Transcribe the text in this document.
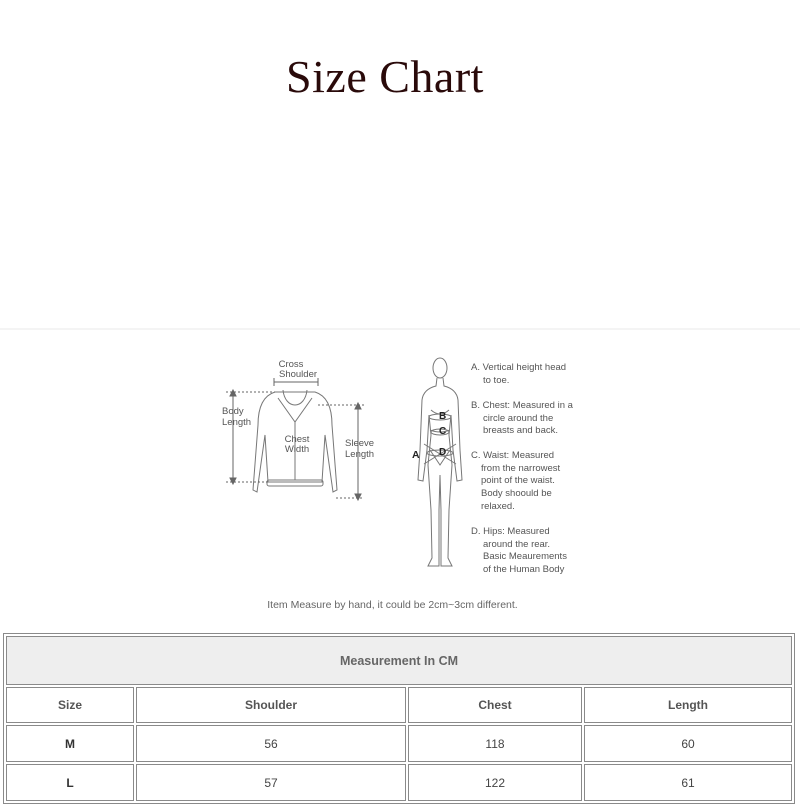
Size Chart
Cross
Shoulder
Body
Length
Chest
Width
Sleeve
Length	A
B
C
D
A. Vertical height head
to toe.
B. Chest: Measured in a
circle around the
breasts and back.
C. Waist: Measured
from the narrowest
point of the waist.
Body shoould be
relaxed.
D. Hips: Measured
around the rear.
Basic Meaurements
of the Human Body
Item Measure by hand, it could be 2cm~3cm different.
Measurement In CM			
Size	Shoulder	Chest	Length
M	56	118	60
L	57	122	61
